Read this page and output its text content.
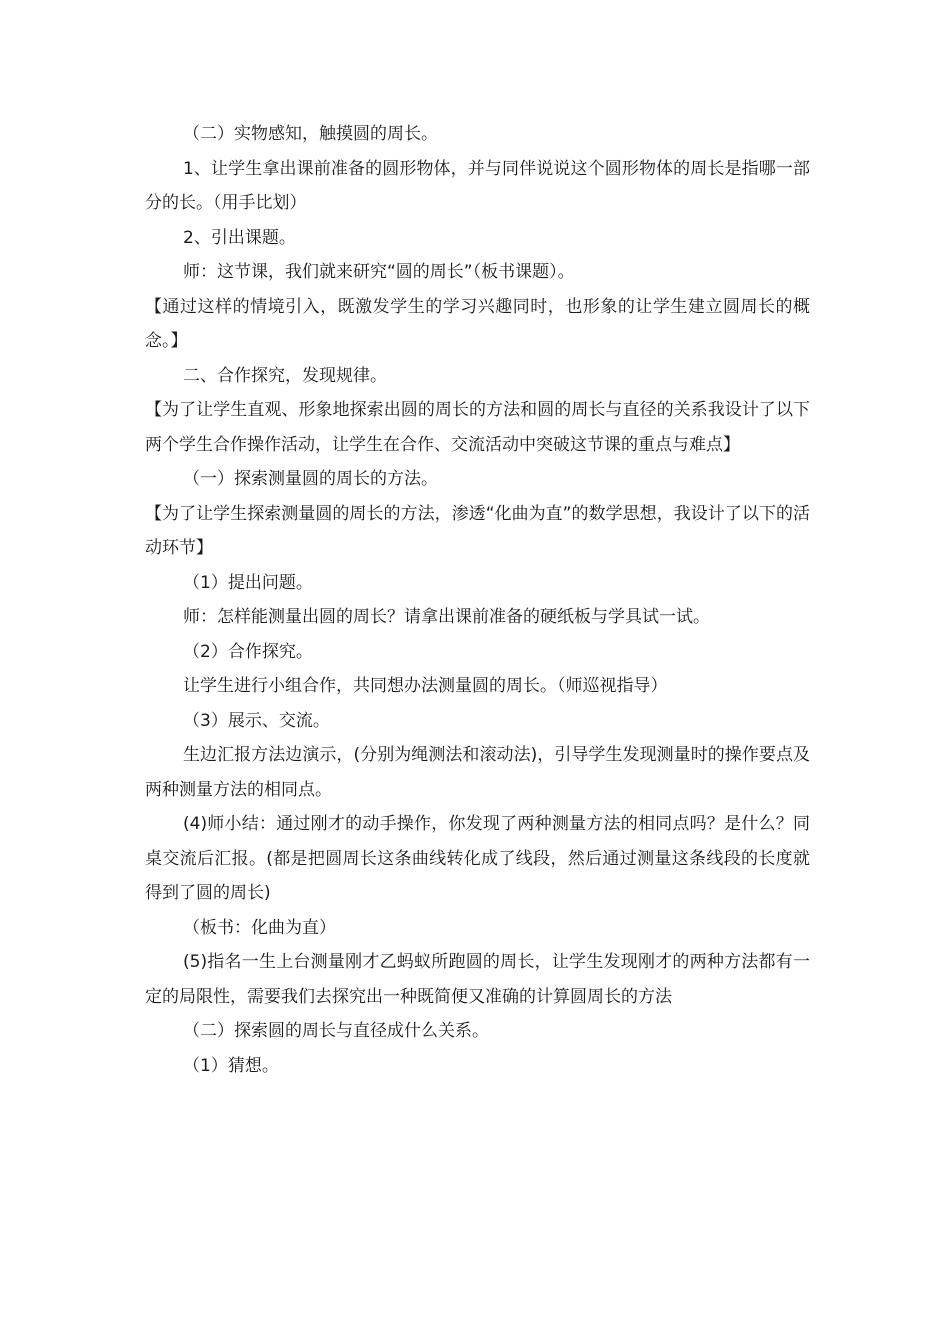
（二）实物感知，触摸圆的周长。

1、让学生拿出课前准备的圆形物体，并与同伴说说这个圆形物体的周长是指哪一部分的长。（用手比划）

2、引出课题。

师：这节课，我们就来研究“圆的周长”（板书课题）。

【通过这样的情境引入，既激发学生的学习兴趣同时，也形象的让学生建立圆周长的概念。】

二、合作探究，发现规律。

【为了让学生直观、形象地探索出圆的周长的方法和圆的周长与直径的关系我设计了以下两个学生合作操作活动，让学生在合作、交流活动中突破这节课的重点与难点】

（一）探索测量圆的周长的方法。

【为了让学生探索测量圆的周长的方法，渗透“化曲为直”的数学思想，我设计了以下的活动环节】

（1）提出问题。

师：怎样能测量出圆的周长？请拿出课前准备的硬纸板与学具试一试。

（2）合作探究。

让学生进行小组合作，共同想办法测量圆的周长。（师巡视指导）

（3）展示、交流。

生边汇报方法边演示，(分别为绳测法和滚动法)，引导学生发现测量时的操作要点及两种测量方法的相同点。

(4)师小结：通过刚才的动手操作，你发现了两种测量方法的相同点吗？是什么？同桌交流后汇报。(都是把圆周长这条曲线转化成了线段，然后通过测量这条线段的长度就得到了圆的周长)

（板书：化曲为直）

(5)指名一生上台测量刚才乙蚂蚁所跑圆的周长，让学生发现刚才的两种方法都有一定的局限性，需要我们去探究出一种既简便又准确的计算圆周长的方法

（二）探索圆的周长与直径成什么关系。

（1）猜想。
